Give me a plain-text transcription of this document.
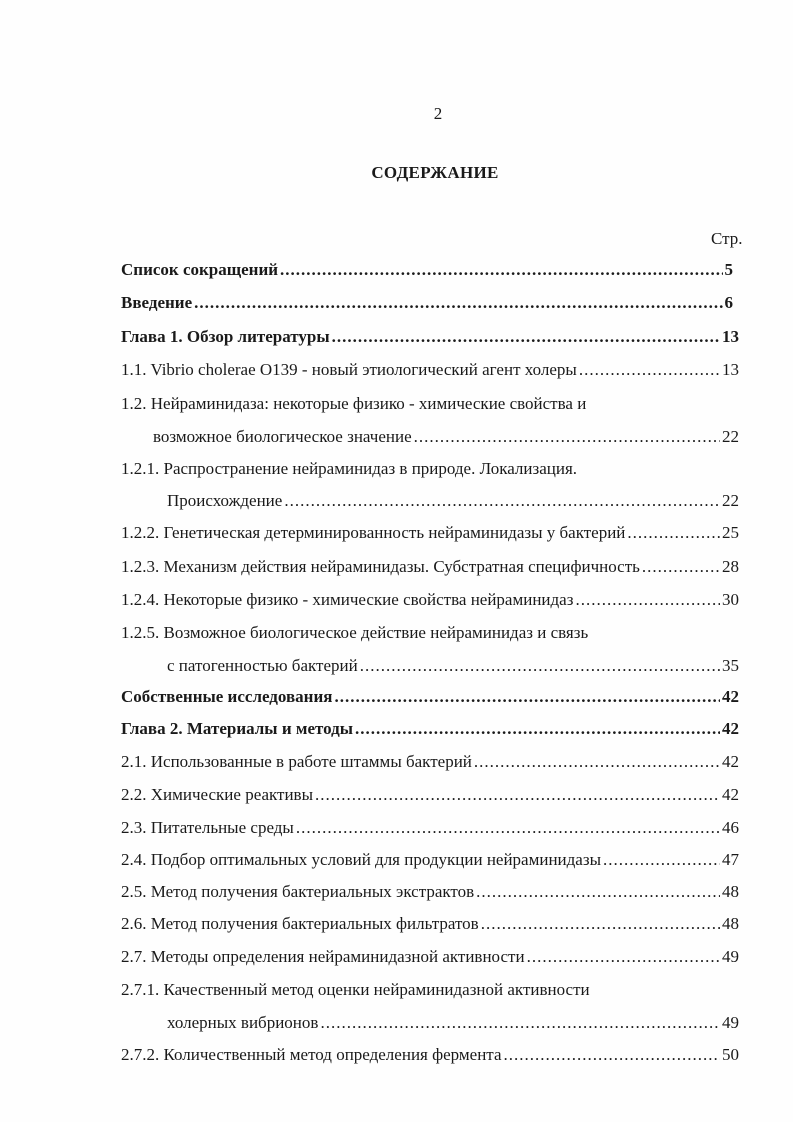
2
СОДЕРЖАНИЕ
Стр.
Список сокращений .....	5
Введение .....	6
Глава 1. Обзор литературы .....	13
1.1. Vibrio cholerae O139 - новый этиологический агент холеры .....	13
1.2. Нейраминидаза: некоторые физико - химические свойства и
возможное биологическое значение .....	22
1.2.1. Распространение нейраминидаз в природе. Локализация.
Происхождение .....	22
1.2.2. Генетическая детерминированность нейраминидазы у бактерий .....	25
1.2.3. Механизм действия нейраминидазы. Субстратная специфичность .....	28
1.2.4. Некоторые физико - химические свойства нейраминидаз .....	30
1.2.5. Возможное биологическое действие нейраминидаз и связь
с патогенностью бактерий .....	35
Собственные исследования .....	42
Глава 2. Материалы и методы .....	42
2.1. Использованные в работе штаммы бактерий .....	42
2.2. Химические реактивы .....	42
2.3. Питательные среды .....	46
2.4. Подбор оптимальных условий для продукции нейраминидазы .....	47
2.5. Метод получения бактериальных экстрактов .....	48
2.6. Метод получения бактериальных фильтратов .....	48
2.7. Методы определения нейраминидазной активности .....	49
2.7.1. Качественный метод оценки нейраминидазной активности
холерных вибрионов .....	49
2.7.2. Количественный метод определения фермента .....	50
